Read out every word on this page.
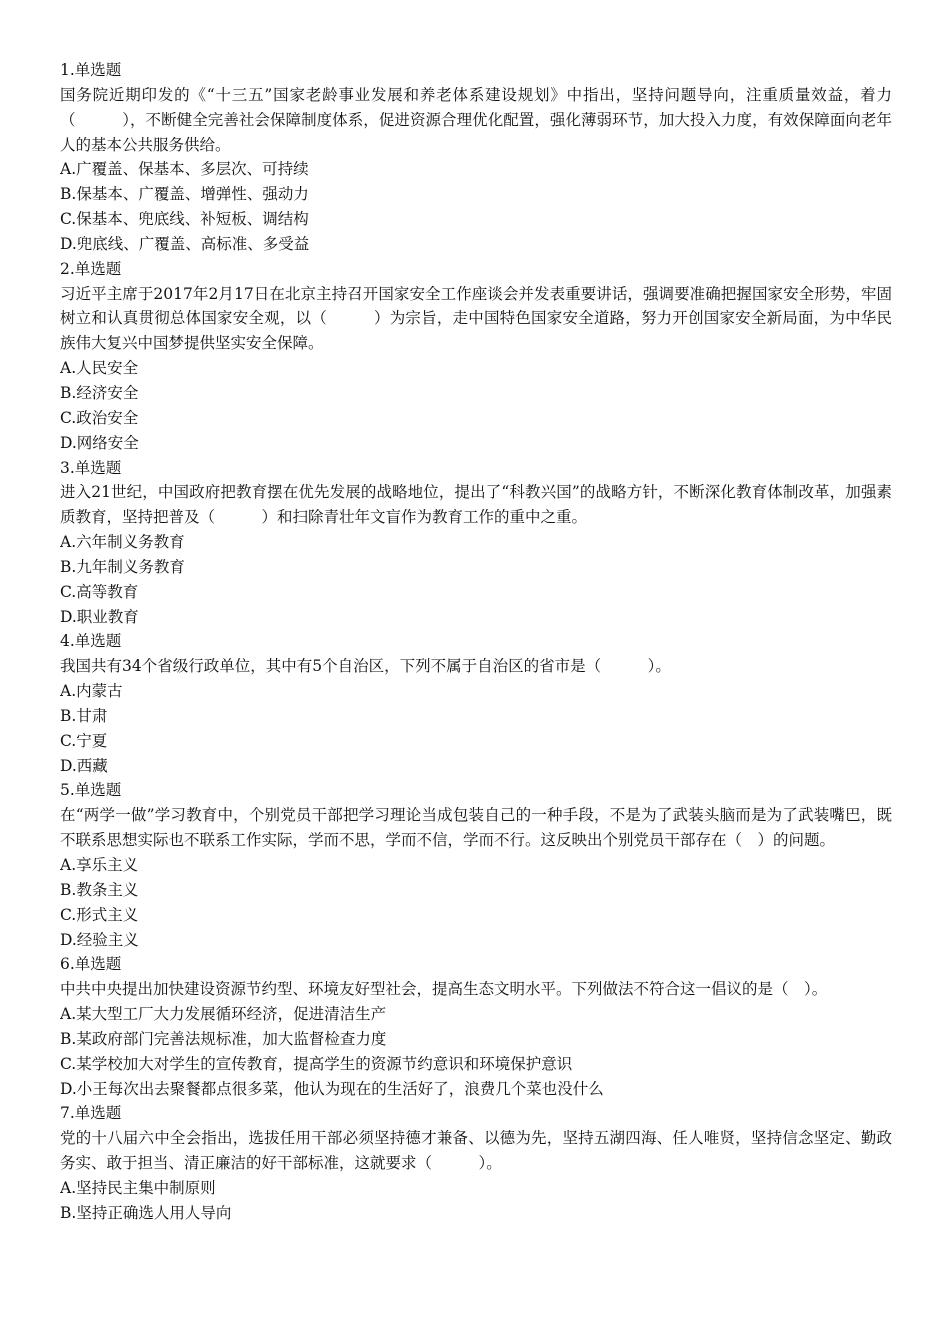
1.单选题

国务院近期印发的《“十三五”国家老龄事业发展和养老体系建设规划》中指出，坚持问题导向，注重质量效益，着力（　　　），不断健全完善社会保障制度体系，促进资源合理优化配置，强化薄弱环节，加大投入力度，有效保障面向老年人的基本公共服务供给。

A.广覆盖、保基本、多层次、可持续

B.保基本、广覆盖、增弹性、强动力

C.保基本、兜底线、补短板、调结构

D.兜底线、广覆盖、高标准、多受益

2.单选题

习近平主席于2017年2月17日在北京主持召开国家安全工作座谈会并发表重要讲话，强调要准确把握国家安全形势，牢固树立和认真贯彻总体国家安全观，以（　　　）为宗旨，走中国特色国家安全道路，努力开创国家安全新局面，为中华民族伟大复兴中国梦提供坚实安全保障。

A.人民安全

B.经济安全

C.政治安全

D.网络安全

3.单选题

进入21世纪，中国政府把教育摆在优先发展的战略地位，提出了“科教兴国”的战略方针，不断深化教育体制改革，加强素质教育，坚持把普及（　　　）和扫除青壮年文盲作为教育工作的重中之重。

A.六年制义务教育

B.九年制义务教育

C.高等教育

D.职业教育

4.单选题

我国共有34个省级行政单位，其中有5个自治区，下列不属于自治区的省市是（　　　）。

A.内蒙古

B.甘肃

C.宁夏

D.西藏

5.单选题

在“两学一做”学习教育中，个别党员干部把学习理论当成包装自己的一种手段，不是为了武装头脑而是为了武装嘴巴，既不联系思想实际也不联系工作实际，学而不思，学而不信，学而不行。这反映出个别党员干部存在（　）的问题。

A.享乐主义

B.教条主义

C.形式主义

D.经验主义

6.单选题

中共中央提出加快建设资源节约型、环境友好型社会，提高生态文明水平。下列做法不符合这一倡议的是（　）。

A.某大型工厂大力发展循环经济，促进清洁生产

B.某政府部门完善法规标准，加大监督检查力度

C.某学校加大对学生的宣传教育，提高学生的资源节约意识和环境保护意识

D.小王每次出去聚餐都点很多菜，他认为现在的生活好了，浪费几个菜也没什么

7.单选题

党的十八届六中全会指出，选拔任用干部必须坚持德才兼备、以德为先，坚持五湖四海、任人唯贤，坚持信念坚定、勤政务实、敢于担当、清正廉洁的好干部标准，这就要求（　　　）。

A.坚持民主集中制原则

B.坚持正确选人用人导向
